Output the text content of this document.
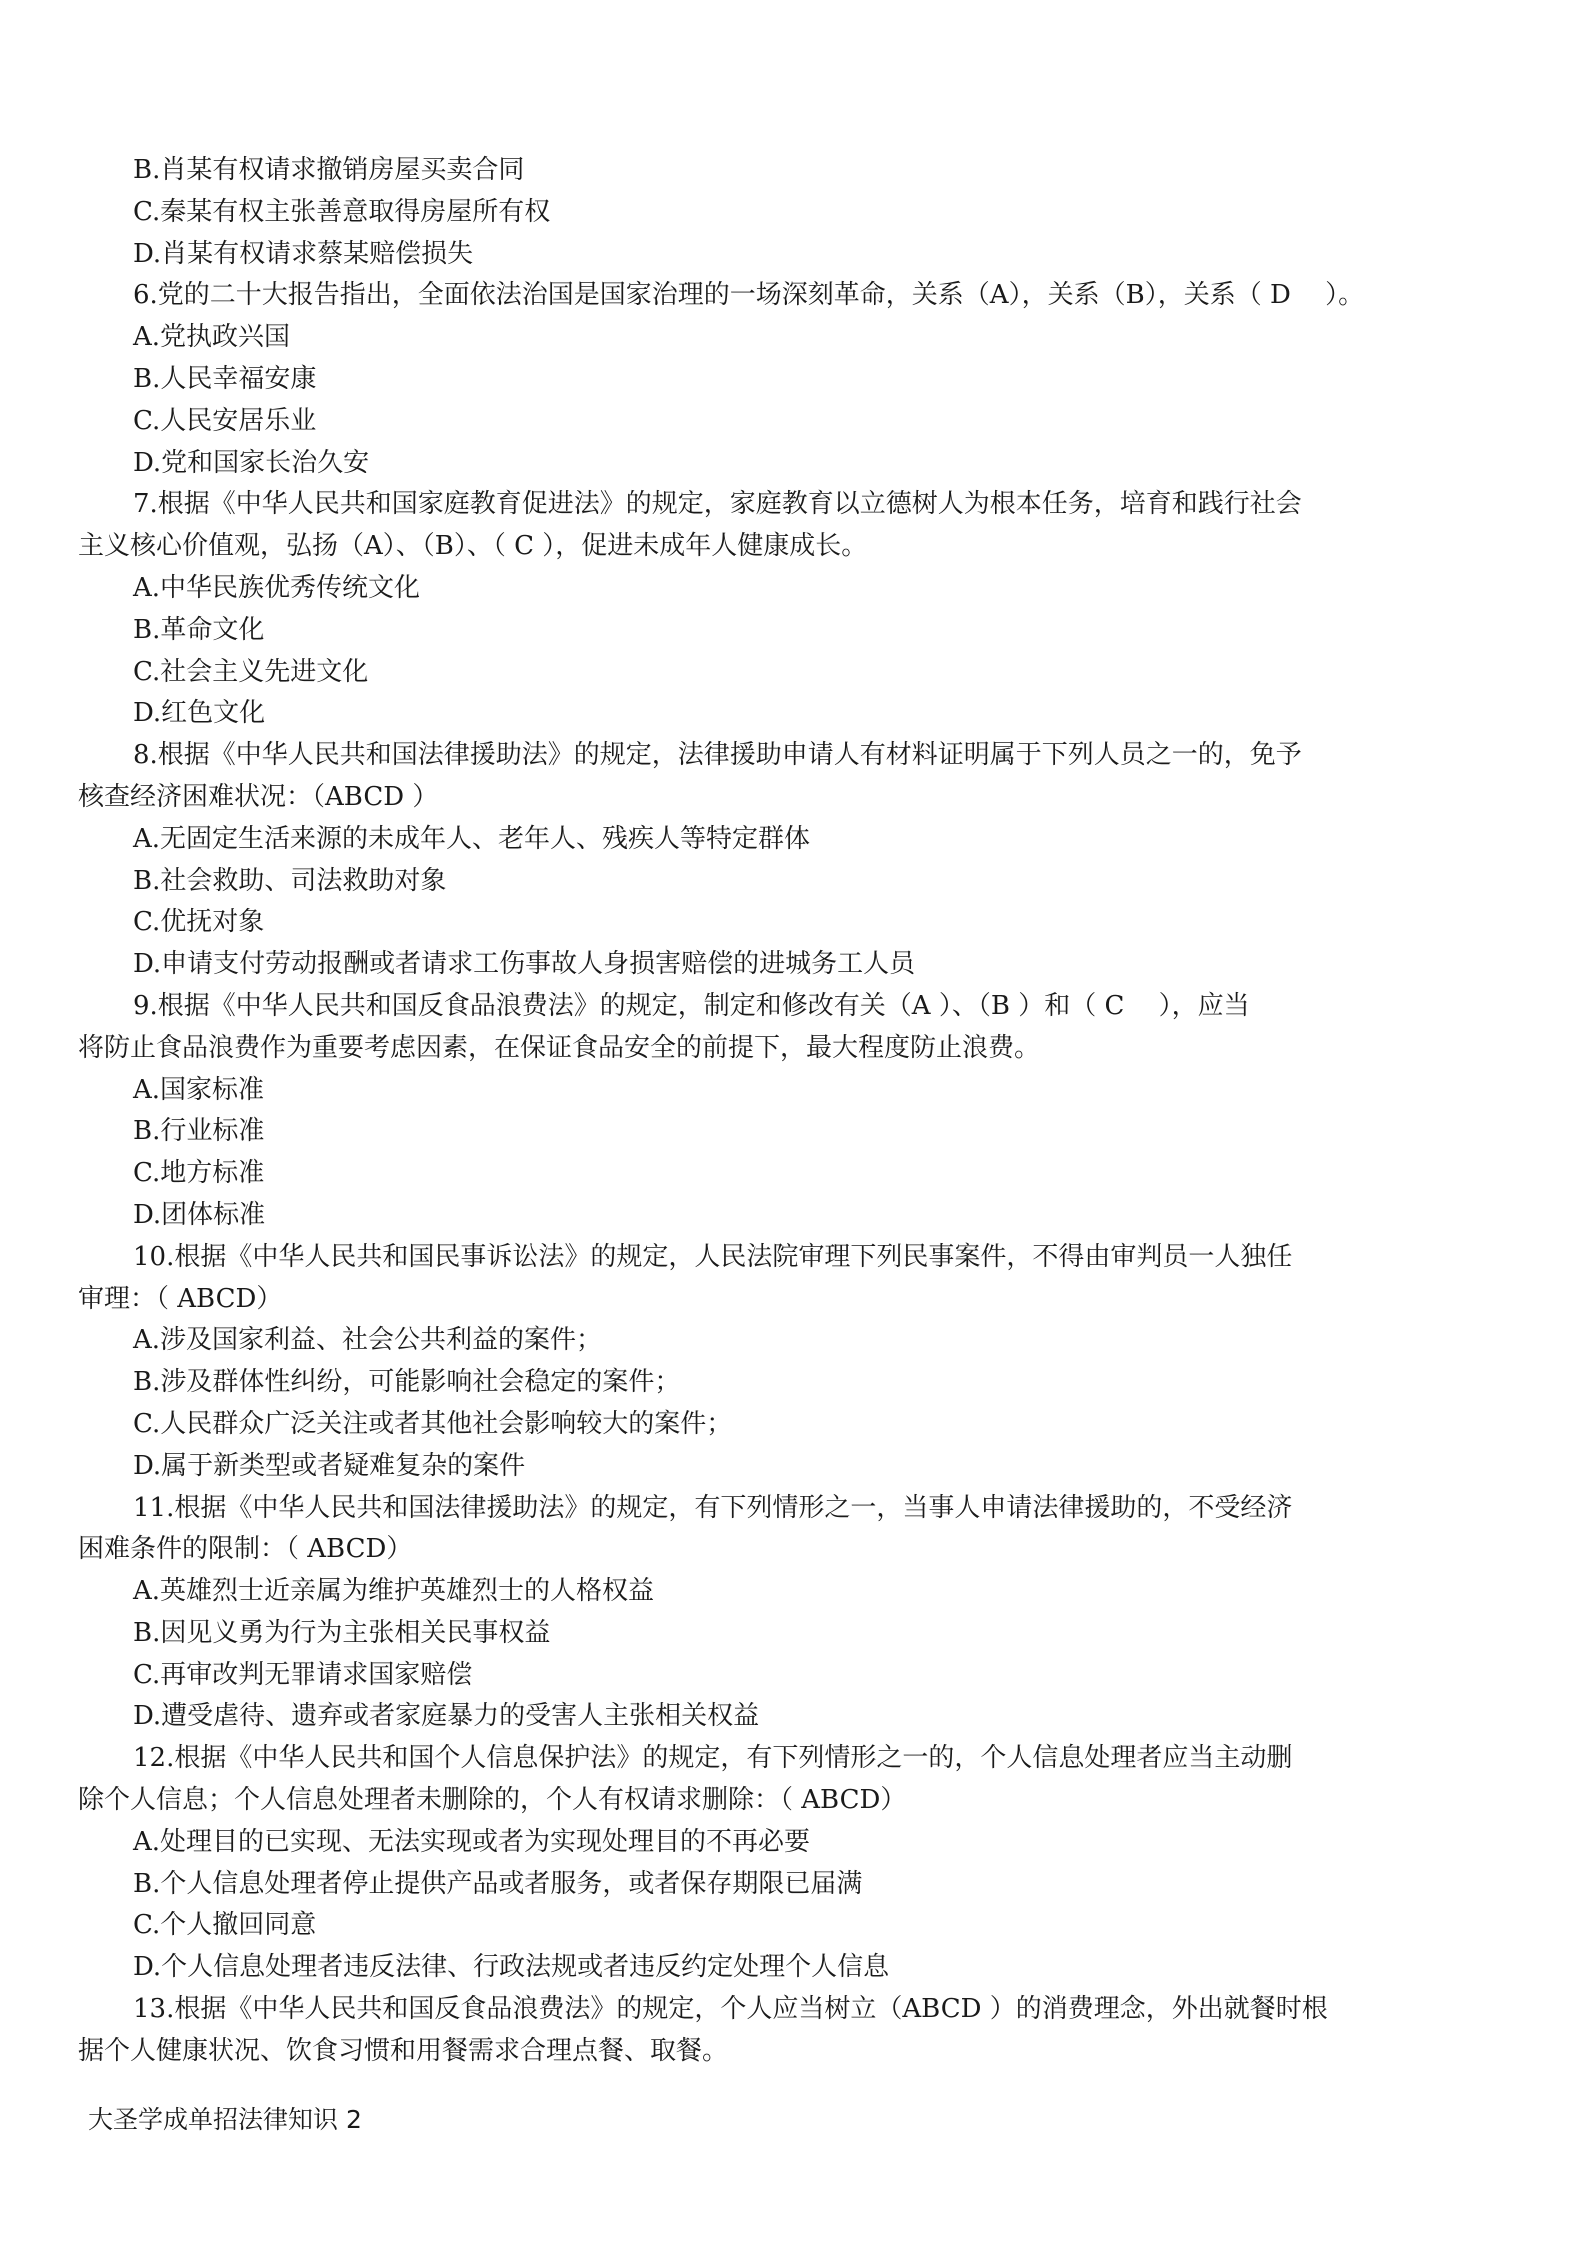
B.肖某有权请求撤销房屋买卖合同
C.秦某有权主张善意取得房屋所有权
D.肖某有权请求蔡某赔偿损失
6.党的二十大报告指出，全面依法治国是国家治理的一场深刻革命，关系（A），关系（B），关系（ D　 ）。
A.党执政兴国
B.人民幸福安康
C.人民安居乐业
D.党和国家长治久安
7.根据《中华人民共和国家庭教育促进法》的规定，家庭教育以立德树人为根本任务，培育和践行社会
主义核心价值观，弘扬（A）、（B）、（ C ），促进未成年人健康成长。
A.中华民族优秀传统文化
B.革命文化
C.社会主义先进文化
D.红色文化
8.根据《中华人民共和国法律援助法》的规定，法律援助申请人有材料证明属于下列人员之一的，免予
核查经济困难状况：（ABCD ）
A.无固定生活来源的未成年人、老年人、残疾人等特定群体
B.社会救助、司法救助对象
C.优抚对象
D.申请支付劳动报酬或者请求工伤事故人身损害赔偿的进城务工人员
9.根据《中华人民共和国反食品浪费法》的规定，制定和修改有关（A ）、（B ）和（ C　 ），应当
将防止食品浪费作为重要考虑因素，在保证食品安全的前提下，最大程度防止浪费。
A.国家标准
B.行业标准
C.地方标准
D.团体标准
10.根据《中华人民共和国民事诉讼法》的规定，人民法院审理下列民事案件，不得由审判员一人独任
审理：（ ABCD）
A.涉及国家利益、社会公共利益的案件；
B.涉及群体性纠纷，可能影响社会稳定的案件；
C.人民群众广泛关注或者其他社会影响较大的案件；
D.属于新类型或者疑难复杂的案件
11.根据《中华人民共和国法律援助法》的规定，有下列情形之一，当事人申请法律援助的，不受经济
困难条件的限制：（ ABCD）
A.英雄烈士近亲属为维护英雄烈士的人格权益
B.因见义勇为行为主张相关民事权益
C.再审改判无罪请求国家赔偿
D.遭受虐待、遗弃或者家庭暴力的受害人主张相关权益
12.根据《中华人民共和国个人信息保护法》的规定，有下列情形之一的，个人信息处理者应当主动删
除个人信息；个人信息处理者未删除的，个人有权请求删除：（ ABCD）
A.处理目的已实现、无法实现或者为实现处理目的不再必要
B.个人信息处理者停止提供产品或者服务，或者保存期限已届满
C.个人撤回同意
D.个人信息处理者违反法律、行政法规或者违反约定处理个人信息
13.根据《中华人民共和国反食品浪费法》的规定，个人应当树立（ABCD ）的消费理念，外出就餐时根
据个人健康状况、饮食习惯和用餐需求合理点餐、取餐。
大圣学成单招法律知识 2
